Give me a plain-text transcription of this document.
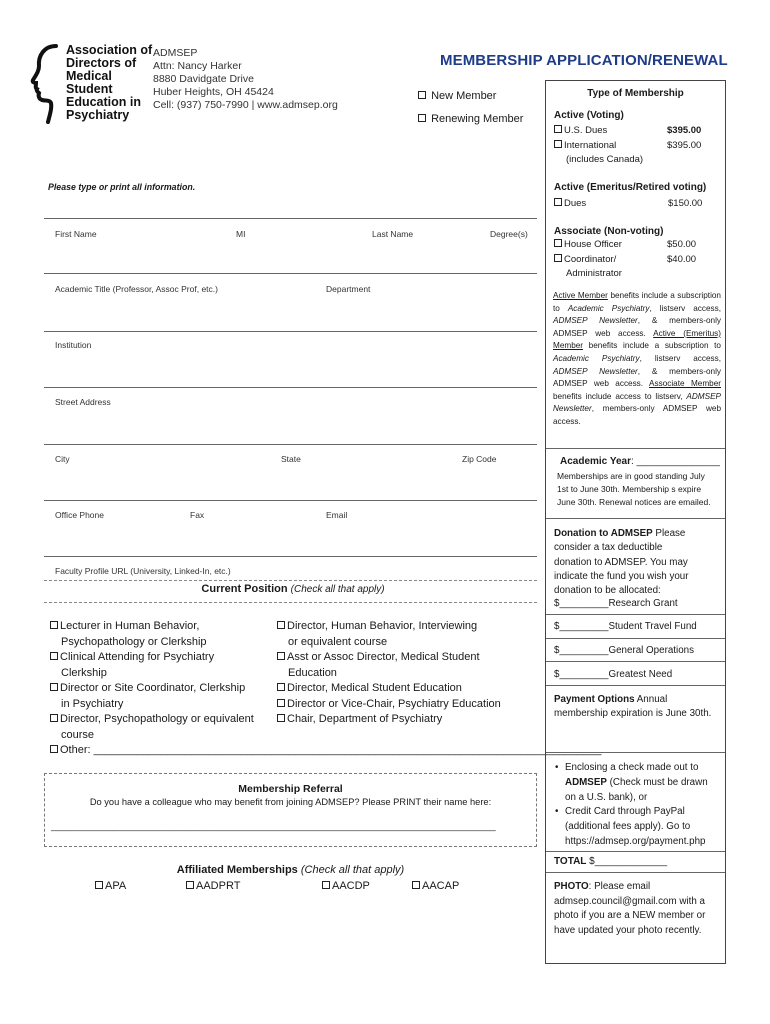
Association of
Directors of
Medical
Student
Education in
Psychiatry
ADMSEP
Attn: Nancy Harker
8880 Davidgate Drive
Huber Heights, OH 45424
Cell: (937) 750-7990 | www.admsep.org
MEMBERSHIP APPLICATION/RENEWAL
New Member
Renewing Member
Please type or print all information.
First Name	MI	Last Name	Degree(s)
Academic Title (Professor, Assoc Prof, etc.)	Department
Institution
Street Address
City	State	Zip Code
Office Phone	Fax	Email
Faculty Profile URL (University, Linked-In, etc.)
Current Position (Check all that apply)
Lecturer in Human Behavior,
Psychopathology or Clerkship
Clinical Attending for Psychiatry
Clerkship
Director or Site Coordinator, Clerkship
in Psychiatry
Director, Psychopathology or equivalent
course
Other: ___________________________________________________________________________________
Director, Human Behavior, Interviewing
or equivalent course
Asst or Assoc Director, Medical Student
Education
Director, Medical Student Education
Director or Vice-Chair, Psychiatry Education
Chair, Department of Psychiatry
Membership Referral
Do you have a colleague who may benefit from joining ADMSEP? Please PRINT their name here:
______________________________________________________________________________________
Affiliated Memberships (Check all that apply)
APA	AADPRT	AACDP	AACAP
Type of Membership
Active (Voting)
U.S. Dues	$395.00
International	$395.00
(includes Canada)
Active (Emeritus/Retired voting)
Dues	$150.00
Associate (Non-voting)
House Officer	$50.00
Coordinator/	$40.00
Administrator
Active Member benefits include a subscription to Academic Psychiatry, listserv access, ADMSEP Newsletter, & members-only ADMSEP web access. Active (Emeritus) Member benefits include a subscription to Academic Psychiatry, listserv access, ADMSEP Newsletter, & members-only ADMSEP web access. Associate Member benefits include access to listserv, ADMSEP Newsletter, members-only ADMSEP web access.
Academic Year: _______________
Memberships are in good standing July
1st to June 30th. Membership s expire
June 30th. Renewal notices are emailed.
Donation to ADMSEP Please
consider a tax deductible
donation to ADMSEP. You may
indicate the fund you wish your
donation to be allocated:
$_________Research Grant
$_________Student Travel Fund
$_________General Operations
$_________Greatest Need
Payment Options Annual
membership expiration is June 30th.
• Enclosing a check made out to
ADMSEP (Check must be drawn
on a U.S. bank), or
• Credit Card through PayPal
(additional fees apply). Go to
https://admsep.org/payment.php
TOTAL $_____________
PHOTO: Please email
admsep.council@gmail.com with a
photo if you are a NEW member or
have updated your photo recently.
